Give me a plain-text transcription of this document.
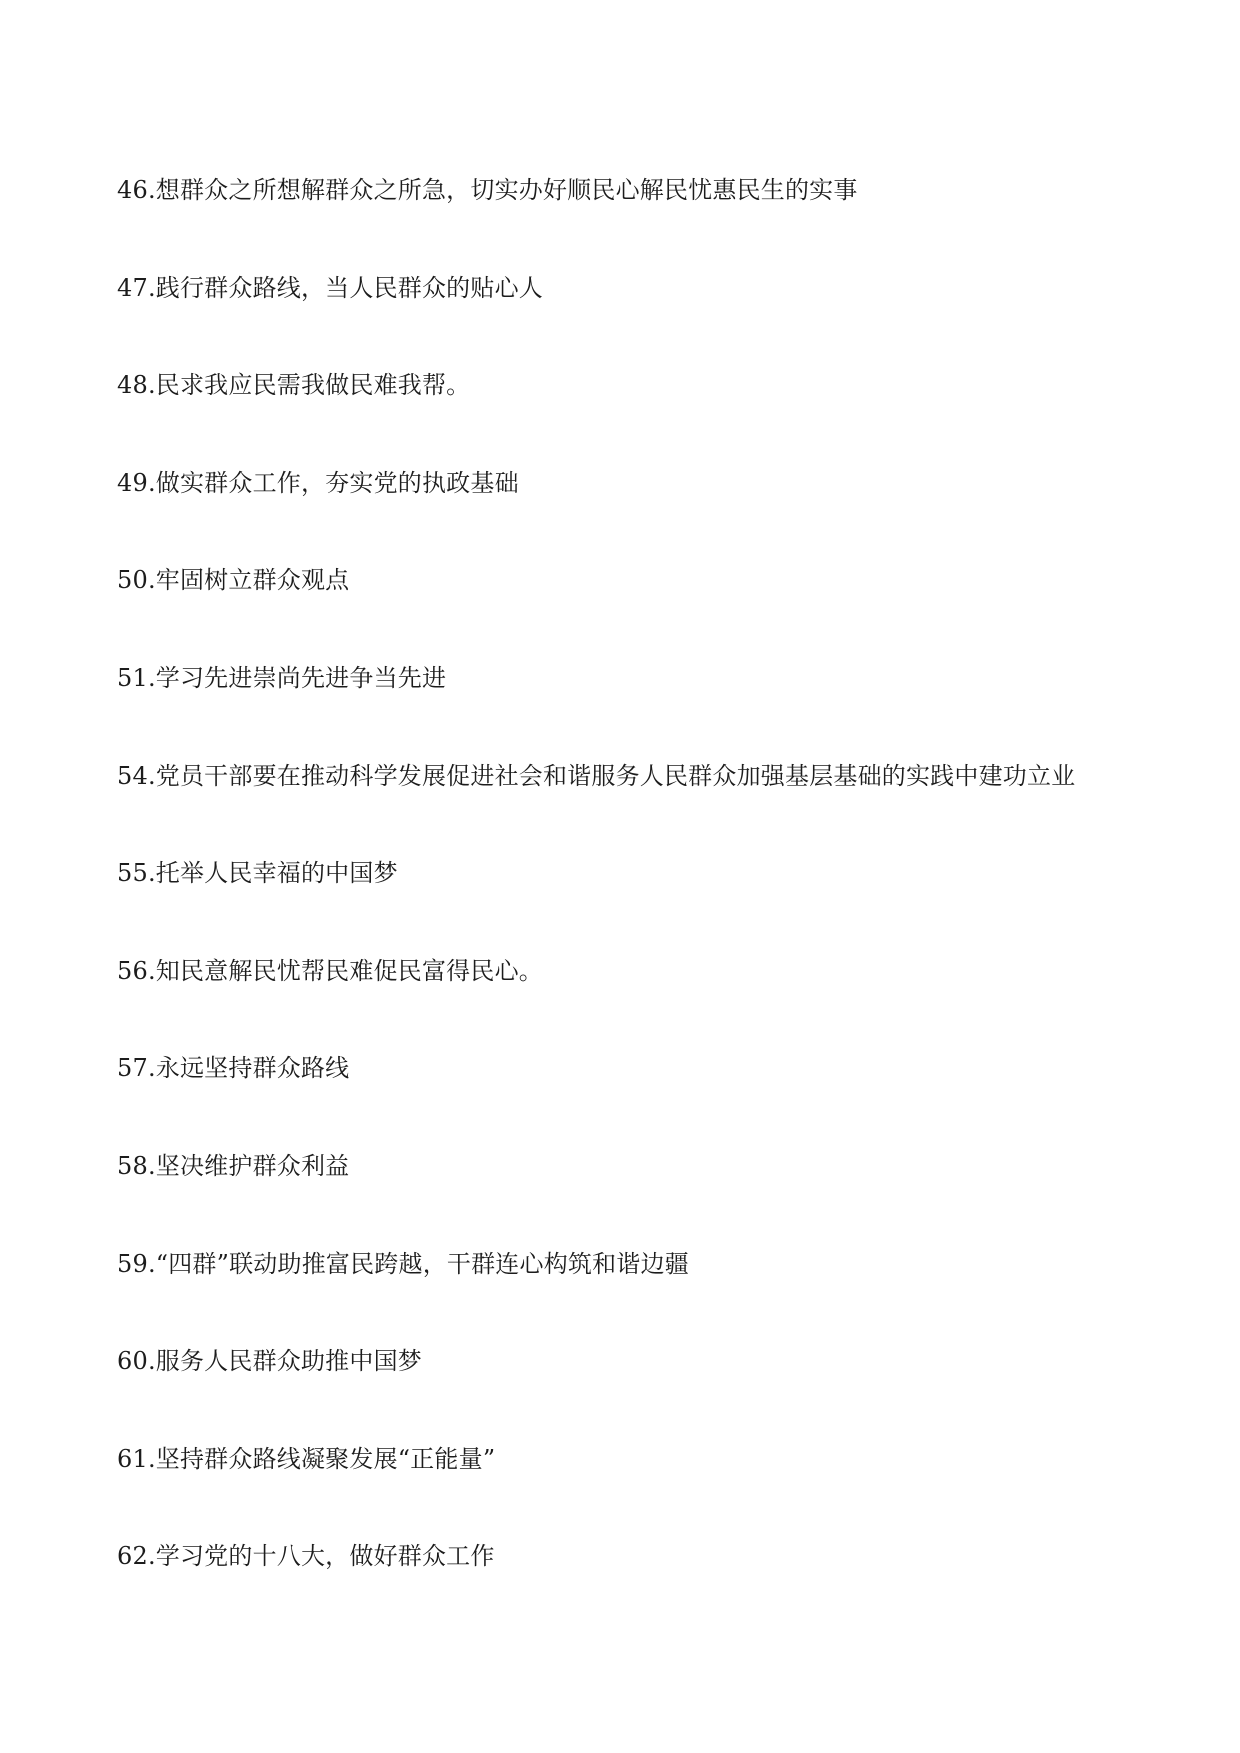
46.想群众之所想解群众之所急，切实办好顺民心解民忧惠民生的实事
47.践行群众路线，当人民群众的贴心人
48.民求我应民需我做民难我帮。
49.做实群众工作，夯实党的执政基础
50.牢固树立群众观点
51.学习先进崇尚先进争当先进
54.党员干部要在推动科学发展促进社会和谐服务人民群众加强基层基础的实践中建功立业
55.托举人民幸福的中国梦
56.知民意解民忧帮民难促民富得民心。
57.永远坚持群众路线
58.坚决维护群众利益
59.“四群”联动助推富民跨越，干群连心构筑和谐边疆
60.服务人民群众助推中国梦
61.坚持群众路线凝聚发展“正能量”
62.学习党的十八大，做好群众工作
